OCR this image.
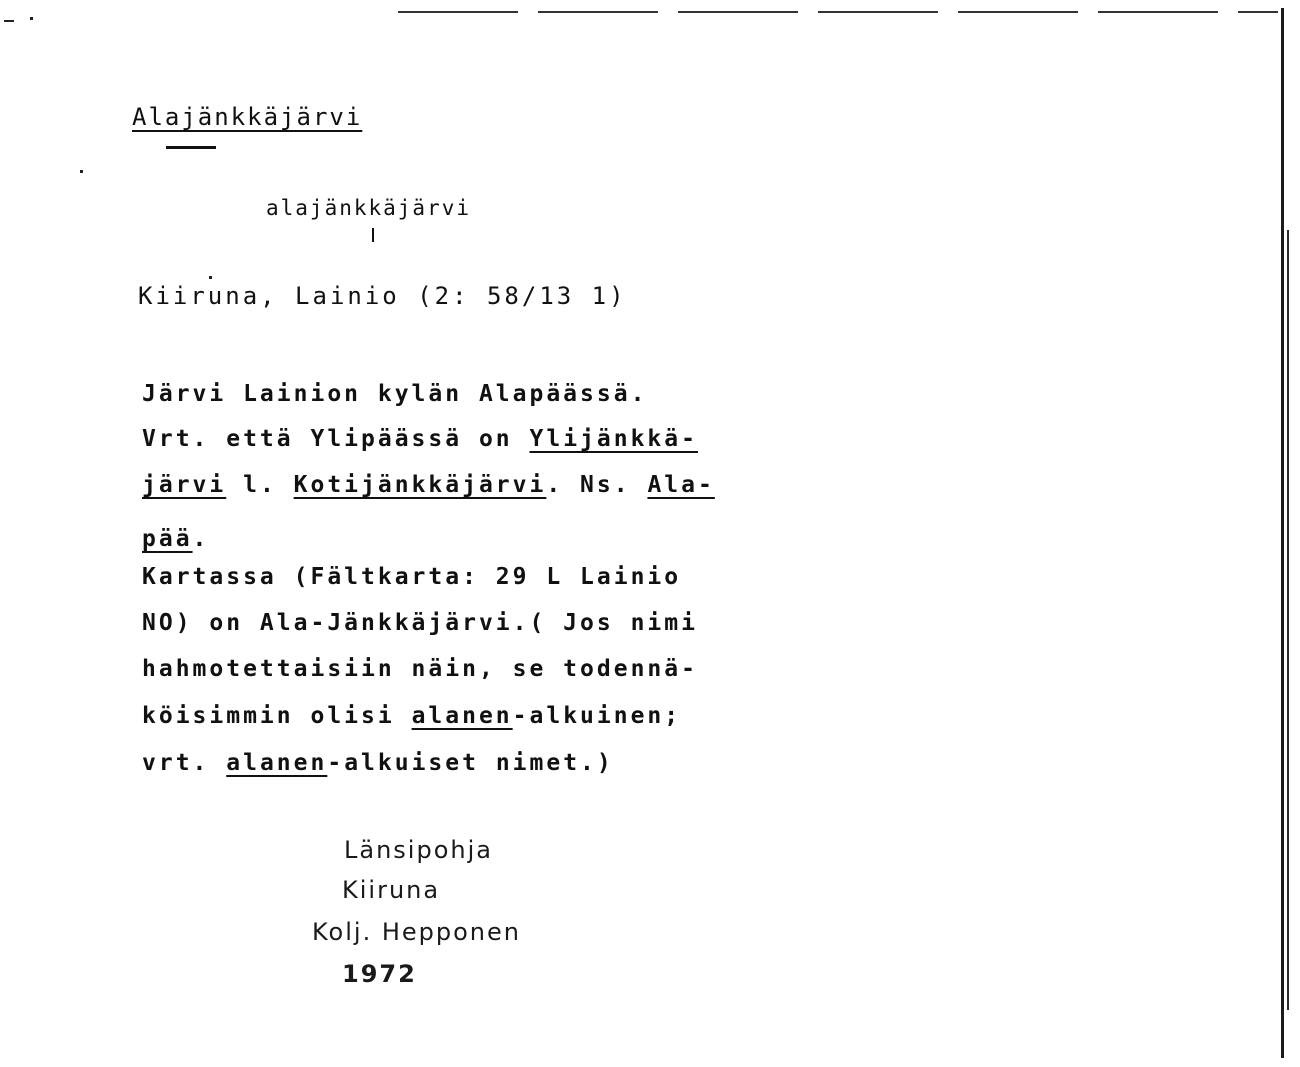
Alajänkkäjärvi
alajänkkäjärvi
Kiiruna, Lainio (2: 58/13 1)
Järvi Lainion kylän Alapäässä.
Vrt. että Ylipäässä on Ylijänkkä-
järvi l. Kotijänkkäjärvi. Ns. Ala-
pää.
Kartassa (Fältkarta: 29 L Lainio
NO) on Ala-Jänkkäjärvi.( Jos nimi
hahmotettaisiin näin, se todennä-
köisimmin olisi alanen-alkuinen;
vrt. alanen-alkuiset nimet.)
Länsipohja
Kiiruna
Kolj. Hepponen
1972
